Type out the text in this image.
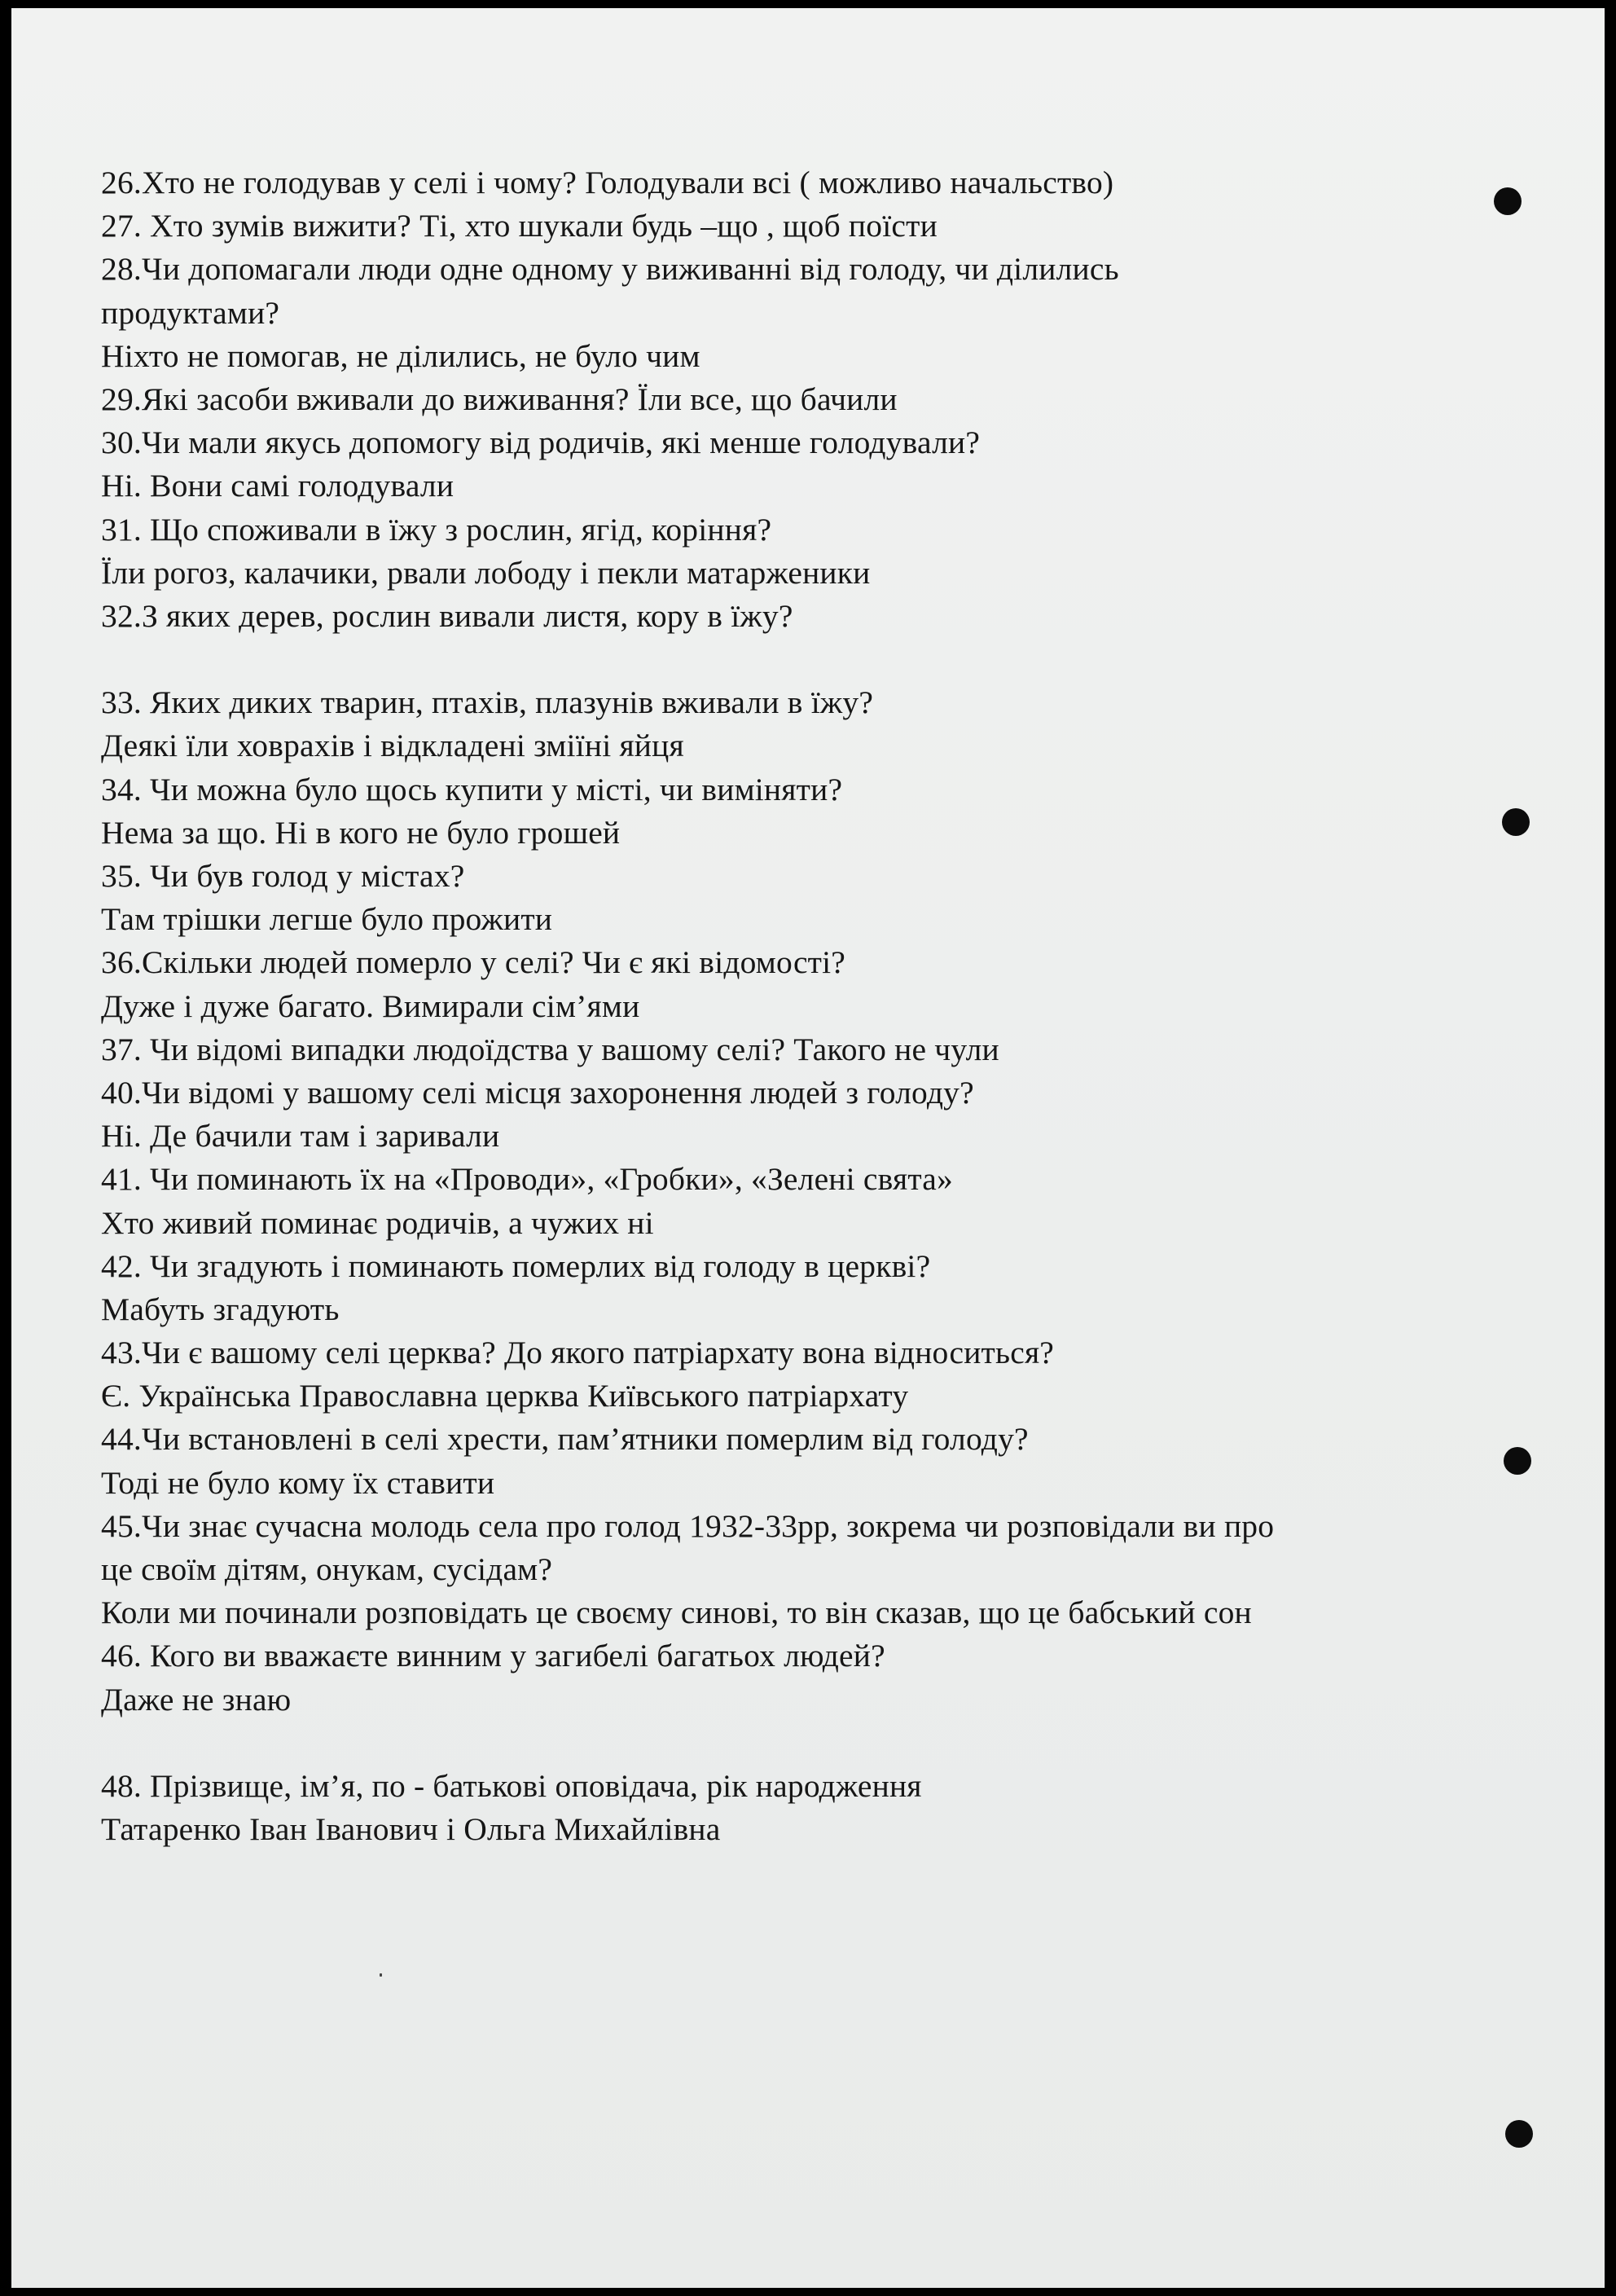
26.Хто не голодував у селі і чому? Голодували всі ( можливо начальство)
27. Хто зумів вижити? Ті, хто шукали будь –що , щоб поїсти
28.Чи допомагали люди одне одному у виживанні від голоду, чи ділились
продуктами?
Ніхто не помогав, не ділились, не було чим
29.Які засоби вживали до виживання? Їли все, що бачили
30.Чи мали якусь допомогу від родичів, які менше голодували?
Ні. Вони самі голодували
31. Що споживали в їжу з рослин, ягід, коріння?
Їли рогоз, калачики, рвали лободу і пекли матарженики
32.З яких дерев, рослин вивали листя, кору в їжу?
33. Яких диких тварин, птахів, плазунів вживали в їжу?
Деякі їли ховрахів і відкладені зміїні яйця
34. Чи можна було щось купити у місті, чи виміняти?
Нема за що. Ні в кого не було грошей
35. Чи був голод у містах?
Там трішки легше було прожити
36.Скільки людей померло у селі? Чи є які відомості?
Дуже і дуже багато. Вимирали сім’ями
37. Чи відомі випадки людоїдства у вашому селі? Такого не чули
40.Чи відомі у вашому селі місця захоронення людей з голоду?
Ні. Де бачили там і заривали
41. Чи поминають їх на «Проводи», «Гробки», «Зелені свята»
Хто живий поминає родичів, а чужих ні
42. Чи згадують і поминають померлих від голоду в церкві?
Мабуть згадують
43.Чи є вашому селі церква? До якого патріархату вона відноситься?
Є. Українська Православна церква Київського патріархату
44.Чи встановлені в селі хрести, пам’ятники померлим від голоду?
Тоді не було кому їх ставити
45.Чи знає сучасна молодь села про голод 1932-33рр, зокрема чи розповідали ви про
це своїм дітям, онукам, сусідам?
Коли ми починали розповідать це своєму синові, то він сказав, що це бабський сон
46. Кого ви вважаєте винним у загибелі багатьох людей?
Даже не знаю
48. Прізвище, ім’я, по - батькові оповідача, рік народження
Татаренко Іван Іванович і Ольга Михайлівна
